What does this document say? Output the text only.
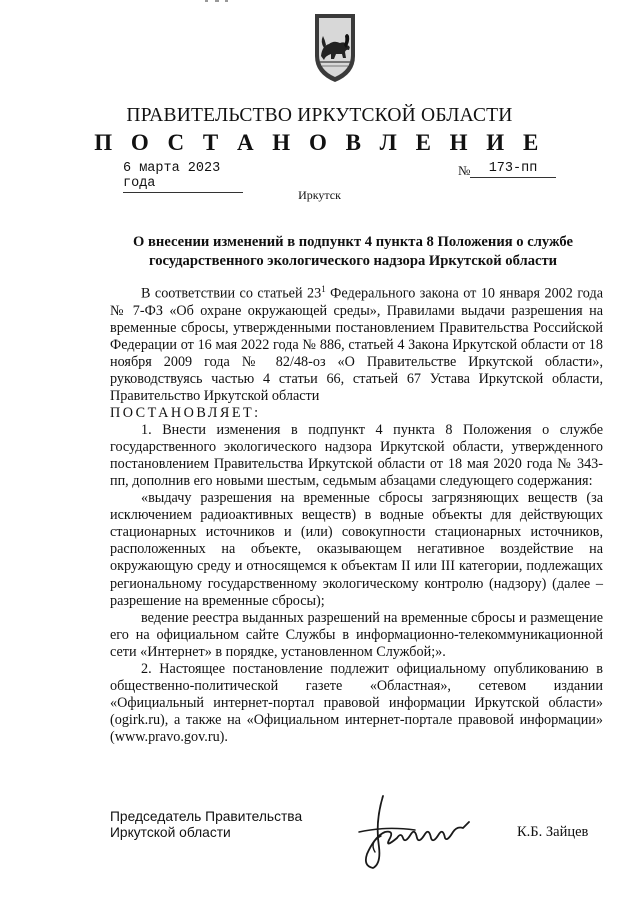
ПРАВИТЕЛЬСТВО ИРКУТСКОЙ ОБЛАСТИ
П О С Т А Н О В Л Е Н И Е
6 марта 2023 года
№	173-пп
Иркутск
О внесении изменений в подпункт 4 пункта 8 Положения о службе
государственного экологического надзора Иркутской области

В соответствии со статьей $23^1$ Федерального закона от 10 января 2002 года № 7-ФЗ «Об охране окружающей среды», Правилами выдачи разрешения на временные сбросы, утвержденными постановлением Правительства Российской Федерации от 16 мая 2022 года № 886, статьей 4 Закона Иркутской области от 18 ноября 2009 года № 82/48-оз «О Правительстве Иркутской области», руководствуясь частью 4 статьи 66, статьей 67 Устава Иркутской области, Правительство Иркутской области

ПОСТАНОВЛЯЕТ:

1. Внести изменения в подпункт 4 пункта 8 Положения о службе государственного экологического надзора Иркутской области, утвержденного постановлением Правительства Иркутской области от 18 мая 2020 года № 343-пп, дополнив его новыми шестым, седьмым абзацами следующего содержания:

«выдачу разрешения на временные сбросы загрязняющих веществ (за исключением радиоактивных веществ) в водные объекты для действующих стационарных источников и (или) совокупности стационарных источников, расположенных на объекте, оказывающем негативное воздействие на окружающую среду и относящемся к объектам II или III категории, подлежащих региональному государственному экологическому контролю (надзору) (далее – разрешение на временные сбросы);

ведение реестра выданных разрешений на временные сбросы и размещение его на официальном сайте Службы в информационно-телекоммуникационной сети «Интернет» в порядке, установленном Службой;».

2. Настоящее постановление подлежит официальному опубликованию в общественно-политической газете «Областная», сетевом издании «Официальный интернет-портал правовой информации Иркутской области» (ogirk.ru), а также на «Официальном интернет-портале правовой информации» (www.pravo.gov.ru).

Председатель Правительства
Иркутской области	К.Б. Зайцев
